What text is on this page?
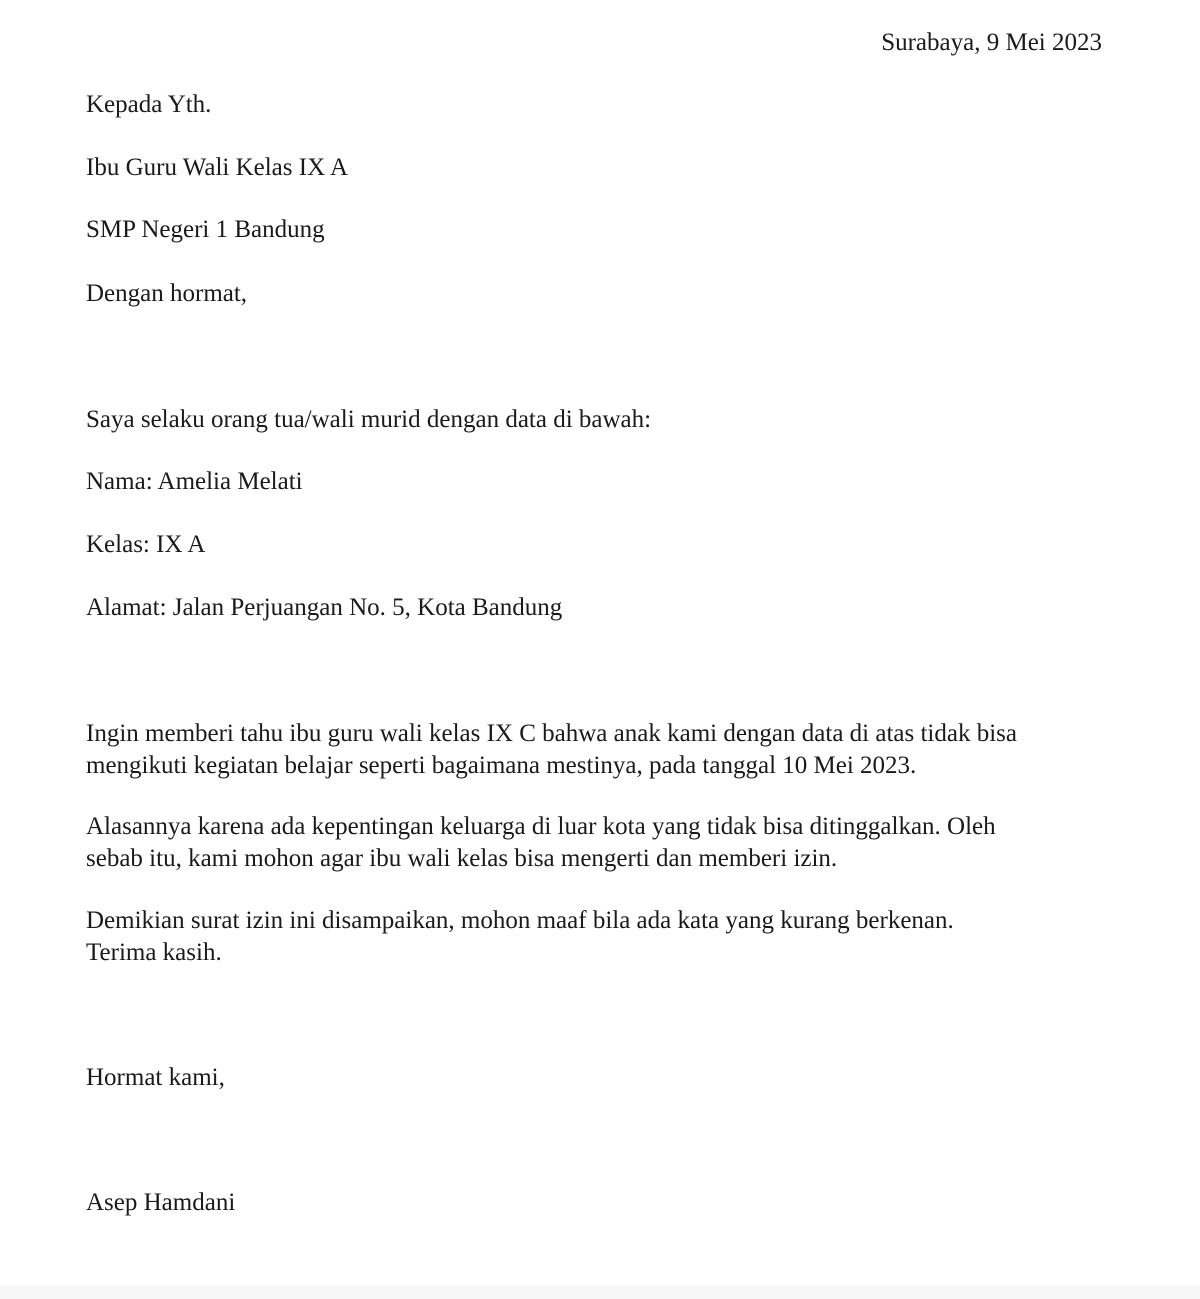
Surabaya, 9 Mei 2023

Kepada Yth.

Ibu Guru Wali Kelas IX A

SMP Negeri 1 Bandung

Dengan hormat,

Saya selaku orang tua/wali murid dengan data di bawah:

Nama: Amelia Melati

Kelas: IX A

Alamat: Jalan Perjuangan No. 5, Kota Bandung

Ingin memberi tahu ibu guru wali kelas IX C bahwa anak kami dengan data di atas tidak bisa
mengikuti kegiatan belajar seperti bagaimana mestinya, pada tanggal 10 Mei 2023.
Alasannya karena ada kepentingan keluarga di luar kota yang tidak bisa ditinggalkan. Oleh
sebab itu, kami mohon agar ibu wali kelas bisa mengerti dan memberi izin.
Demikian surat izin ini disampaikan, mohon maaf bila ada kata yang kurang berkenan.
Terima kasih.

Hormat kami,

Asep Hamdani
